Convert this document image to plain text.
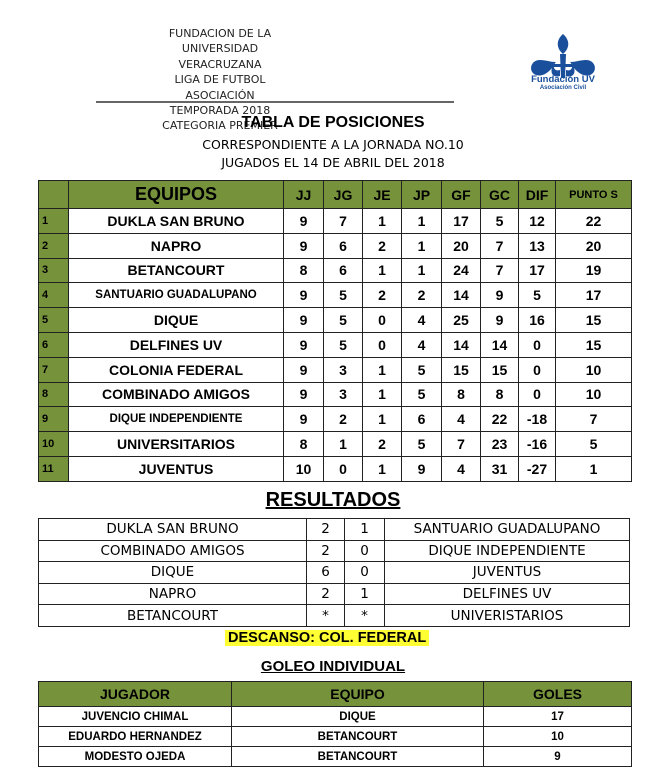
FUNDACION DE LA
UNIVERSIDAD
VERACRUZANA
LIGA DE FUTBOL
ASOCIACIÓN
TEMPORADA 2018
CATEGORIA PREMIER
Fundación UV
Asociación Civil
TABLA DE POSICIONES
CORRESPONDIENTE A LA JORNADA NO.10
JUGADOS EL 14 DE ABRIL DEL 2018
	EQUIPOS	JJ	JG	JE	JP	GF	GC	DIF	PUNTO S
1	DUKLA SAN BRUNO	9	7	1	1	17	5	12	22
2	NAPRO	9	6	2	1	20	7	13	20
3	BETANCOURT	8	6	1	1	24	7	17	19
4	SANTUARIO GUADALUPANO	9	5	2	2	14	9	5	17
5	DIQUE	9	5	0	4	25	9	16	15
6	DELFINES UV	9	5	0	4	14	14	0	15
7	COLONIA FEDERAL	9	3	1	5	15	15	0	10
8	COMBINADO AMIGOS	9	3	1	5	8	8	0	10
9	DIQUE INDEPENDIENTE	9	2	1	6	4	22	-18	7
10	UNIVERSITARIOS	8	1	2	5	7	23	-16	5
11	JUVENTUS	10	0	1	9	4	31	-27	1
RESULTADOS
DUKLA SAN BRUNO	2	1	SANTUARIO GUADALUPANO
COMBINADO AMIGOS	2	0	DIQUE INDEPENDIENTE
DIQUE	6	0	JUVENTUS
NAPRO	2	1	DELFINES UV
BETANCOURT	*	*	UNIVERISTARIOS
DESCANSO: COL. FEDERAL
GOLEO INDIVIDUAL
JUGADOR	EQUIPO	GOLES
JUVENCIO CHIMAL	DIQUE	17
EDUARDO HERNANDEZ	BETANCOURT	10
MODESTO OJEDA	BETANCOURT	9
